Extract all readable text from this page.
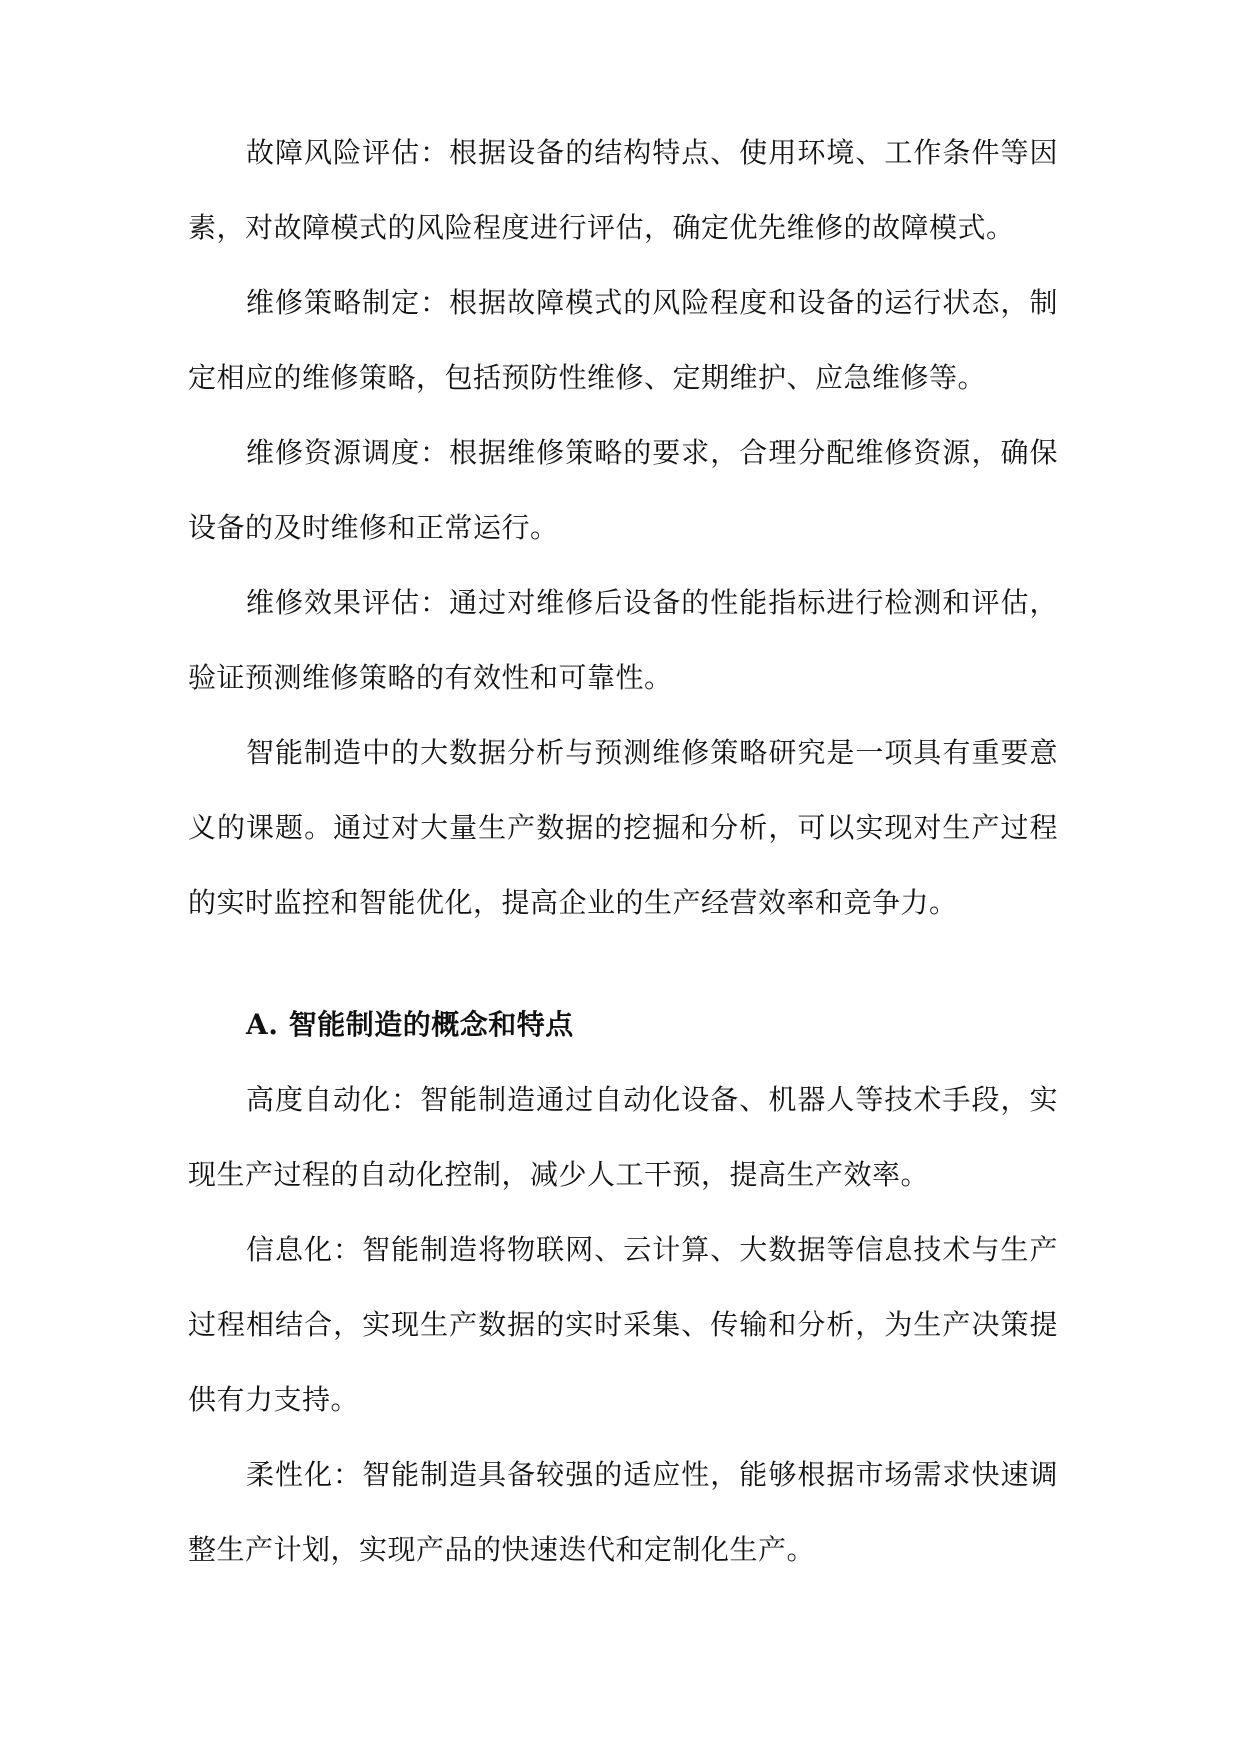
故障风险评估：根据设备的结构特点、使用环境、工作条件等因素，对故障模式的风险程度进行评估，确定优先维修的故障模式。

维修策略制定：根据故障模式的风险程度和设备的运行状态，制定相应的维修策略，包括预防性维修、定期维护、应急维修等。

维修资源调度：根据维修策略的要求，合理分配维修资源，确保设备的及时维修和正常运行。

维修效果评估：通过对维修后设备的性能指标进行检测和评估，验证预测维修策略的有效性和可靠性。

智能制造中的大数据分析与预测维修策略研究是一项具有重要意义的课题。通过对大量生产数据的挖掘和分析，可以实现对生产过程的实时监控和智能优化，提高企业的生产经营效率和竞争力。

A. 智能制造的概念和特点

高度自动化：智能制造通过自动化设备、机器人等技术手段，实现生产过程的自动化控制，减少人工干预，提高生产效率。

信息化：智能制造将物联网、云计算、大数据等信息技术与生产过程相结合，实现生产数据的实时采集、传输和分析，为生产决策提供有力支持。

柔性化：智能制造具备较强的适应性，能够根据市场需求快速调整生产计划，实现产品的快速迭代和定制化生产。
